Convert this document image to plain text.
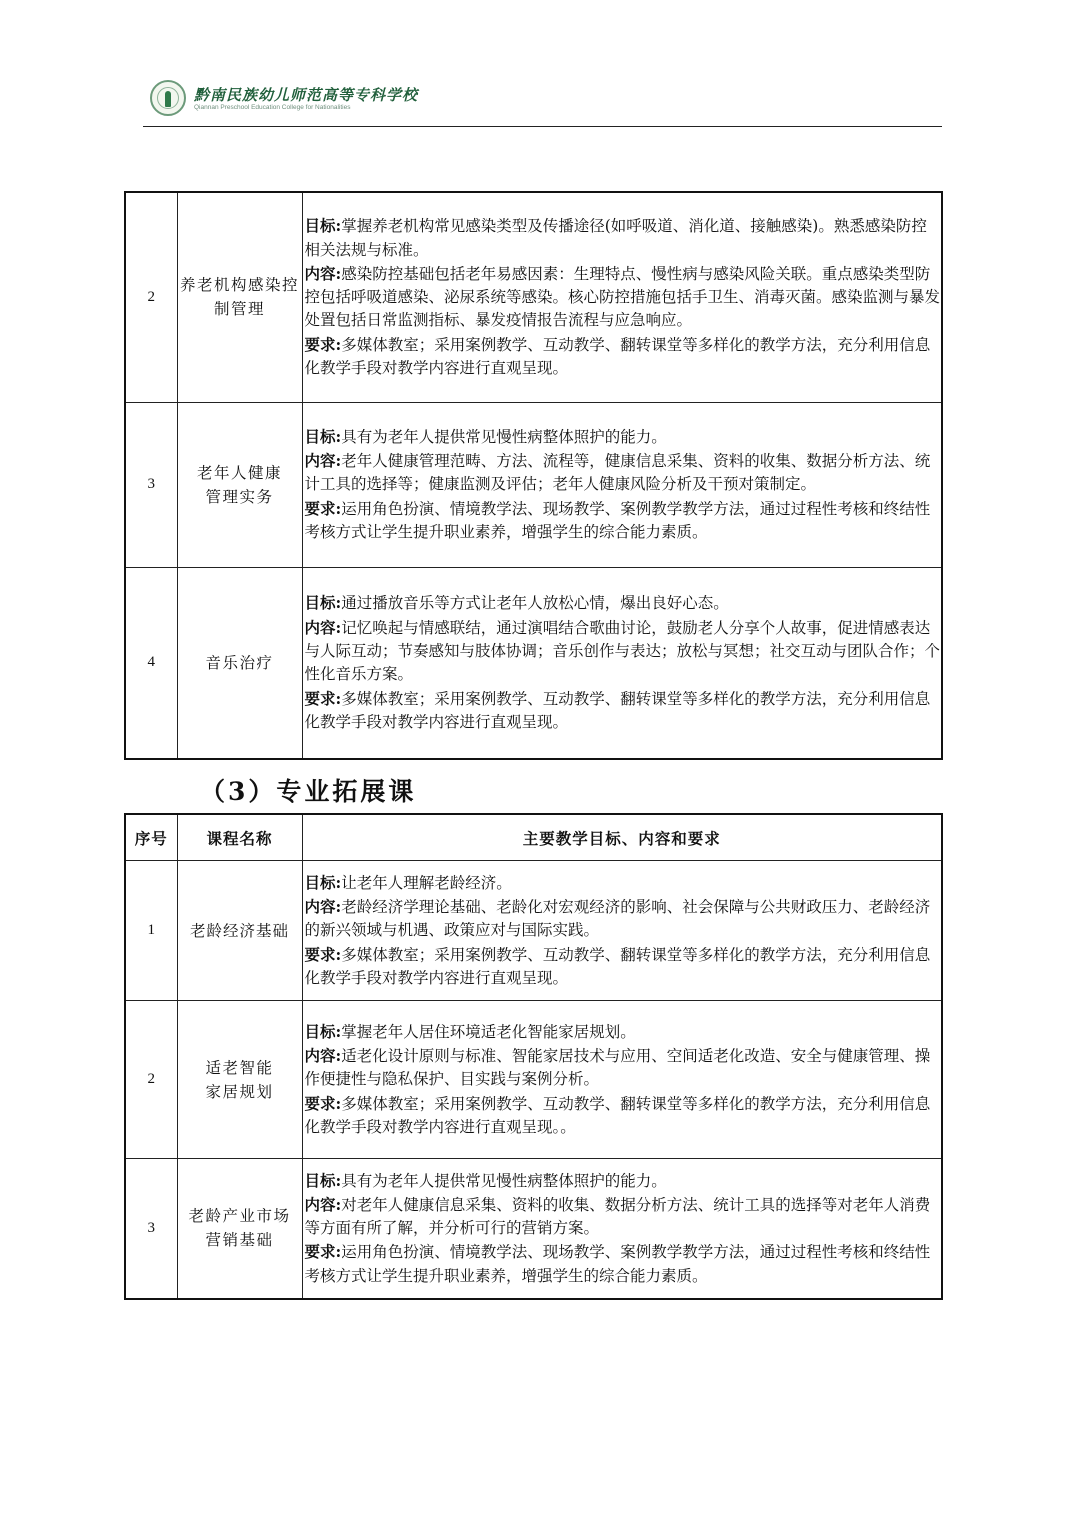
黔南民族幼儿师范高等专科学校
Qiannan Preschool Education College for Nationalities
2	养老机构感染控制管理	目标:掌握养老机构常见感染类型及传播途径(如呼吸道、消化道、接触感染)。熟悉感染防控相关法规与标准。
内容:感染防控基础包括老年易感因素：生理特点、慢性病与感染风险关联。重点感染类型防控包括呼吸道感染、泌尿系统等感染。核心防控措施包括手卫生、消毒灭菌。感染监测与暴发处置包括日常监测指标、暴发疫情报告流程与应急响应。
要求:多媒体教室；采用案例教学、互动教学、翻转课堂等多样化的教学方法，充分利用信息化教学手段对教学内容进行直观呈现。

3	老年人健康管理实务	目标:具有为老年人提供常见慢性病整体照护的能力。
内容:老年人健康管理范畴、方法、流程等，健康信息采集、资料的收集、数据分析方法、统计工具的选择等；健康监测及评估；老年人健康风险分析及干预对策制定。
要求:运用角色扮演、情境教学法、现场教学、案例教学教学方法，通过过程性考核和终结性考核方式让学生提升职业素养，增强学生的综合能力素质。

4	音乐治疗	目标:通过播放音乐等方式让老年人放松心情，爆出良好心态。
内容:记忆唤起与情感联结，通过演唱结合歌曲讨论，鼓励老人分享个人故事，促进情感表达与人际互动；节奏感知与肢体协调；音乐创作与表达；放松与冥想；社交互动与团队合作；个性化音乐方案。
要求:多媒体教室；采用案例教学、互动教学、翻转课堂等多样化的教学方法，充分利用信息化教学手段对教学内容进行直观呈现。
（3）专业拓展课
序号	课程名称	主要教学目标、内容和要求
1	老龄经济基础	目标:让老年人理解老龄经济。
内容:老龄经济学理论基础、老龄化对宏观经济的影响、社会保障与公共财政压力、老龄经济的新兴领域与机遇、政策应对与国际实践。
要求:多媒体教室；采用案例教学、互动教学、翻转课堂等多样化的教学方法，充分利用信息化教学手段对教学内容进行直观呈现。

2	适老智能家居规划	目标:掌握老年人居住环境适老化智能家居规划。
内容:适老化设计原则与标准、智能家居技术与应用、空间适老化改造、安全与健康管理、操作便捷性与隐私保护、目实践与案例分析。
要求:多媒体教室；采用案例教学、互动教学、翻转课堂等多样化的教学方法，充分利用信息化教学手段对教学内容进行直观呈现。。

3	老龄产业市场营销基础	目标:具有为老年人提供常见慢性病整体照护的能力。
内容:对老年人健康信息采集、资料的收集、数据分析方法、统计工具的选择等对老年人消费等方面有所了解，并分析可行的营销方案。
要求:运用角色扮演、情境教学法、现场教学、案例教学教学方法，通过过程性考核和终结性考核方式让学生提升职业素养，增强学生的综合能力素质。
